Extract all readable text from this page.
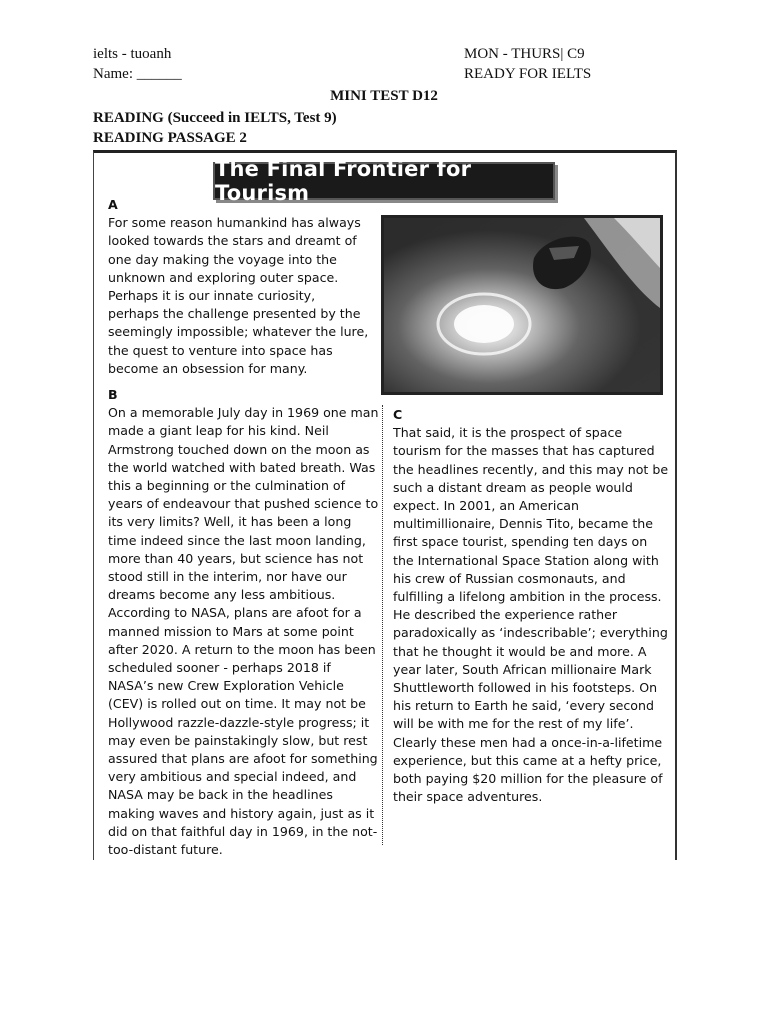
ielts - tuoanh
Name: ______
MON - THURS| C9
READY FOR IELTS
MINI TEST D12
READING (Succeed in IELTS, Test 9)
READING PASSAGE 2
The Final Frontier for Tourism
A
For some reason humankind has always looked towards the stars and dreamt of one day making the voyage into the unknown and exploring outer space. Perhaps it is our innate curiosity, perhaps the challenge presented by the seemingly impossible; whatever the lure, the quest to venture into space has become an obsession for many.
B
On a memorable July day in 1969 one man made a giant leap for his kind. Neil Armstrong touched down on the moon as the world watched with bated breath. Was this a beginning or the culmination of years of endeavour that pushed science to its very limits? Well, it has been a long time indeed since the last moon landing, more than 40 years, but science has not stood still in the interim, nor have our dreams become any less ambitious. According to NASA, plans are afoot for a manned mission to Mars at some point after 2020. A return to the moon has been scheduled sooner - perhaps 2018 if NASA’s new Crew Exploration Vehicle (CEV) is rolled out on time. It may not be Hollywood razzle-dazzle-style progress; it may even be painstakingly slow, but rest assured that plans are afoot for something very ambitious and special indeed, and NASA may be back in the headlines making waves and history again, just as it did on that faithful day in 1969, in the not-too-distant future.
C
That said, it is the prospect of space tourism for the masses that has captured the headlines recently, and this may not be such a distant dream as people would expect. In 2001, an American multimillionaire, Dennis Tito, became the first space tourist, spending ten days on the International Space Station along with his crew of Russian cosmonauts, and fulfilling a lifelong ambition in the process. He described the experience rather paradoxically as ‘indescribable’; everything that he thought it would be and more. A year later, South African millionaire Mark Shuttleworth followed in his footsteps. On his return to Earth he said, ‘every second will be with me for the rest of my life’. Clearly these men had a once-in-a-lifetime experience, but this came at a hefty price, both paying $20 million for the pleasure of their space adventures.
